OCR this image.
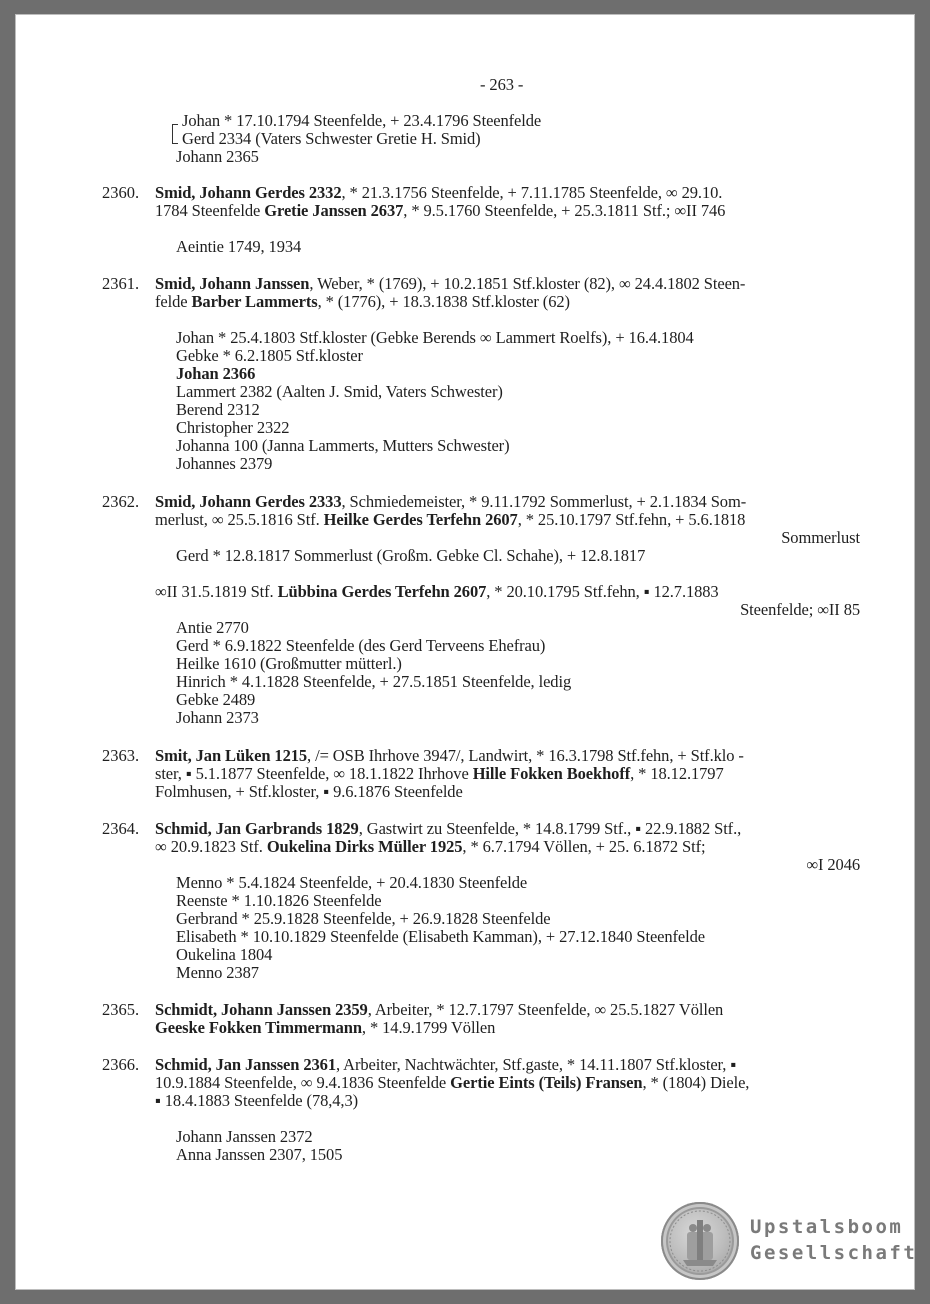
- 263 -
Johan * 17.10.1794 Steenfelde, + 23.4.1796 Steenfelde
Gerd 2334 (Vaters Schwester Gretie H. Smid)
Johann 2365
2360. Smid, Johann Gerdes 2332, * 21.3.1756 Steenfelde, + 7.11.1785 Steenfelde, ∞ 29.10.
1784 Steenfelde Gretie Janssen 2637, * 9.5.1760 Steenfelde, + 25.3.1811 Stf.; ∞II 746
Aeintie 1749, 1934
2361. Smid, Johann Janssen, Weber, * (1769), + 10.2.1851 Stf.kloster (82), ∞ 24.4.1802 Steen-
felde Barber Lammerts, * (1776), + 18.3.1838 Stf.kloster (62)
Johan * 25.4.1803 Stf.kloster (Gebke Berends ∞ Lammert Roelfs), + 16.4.1804
Gebke * 6.2.1805 Stf.kloster
Johan 2366
Lammert 2382 (Aalten J. Smid, Vaters Schwester)
Berend 2312
Christopher 2322
Johanna 100 (Janna Lammerts, Mutters Schwester)
Johannes 2379
2362. Smid, Johann Gerdes 2333, Schmiedemeister, * 9.11.1792 Sommerlust, + 2.1.1834 Som-
merlust, ∞ 25.5.1816 Stf. Heilke Gerdes Terfehn 2607, * 25.10.1797 Stf.fehn, + 5.6.1818
Sommerlust
Gerd * 12.8.1817 Sommerlust (Großm. Gebke Cl. Schahe), + 12.8.1817
∞II 31.5.1819 Stf. Lübbina Gerdes Terfehn 2607, * 20.10.1795 Stf.fehn, ▪ 12.7.1883
Steenfelde; ∞II 85
Antie 2770
Gerd * 6.9.1822 Steenfelde (des Gerd Terveens Ehefrau)
Heilke 1610 (Großmutter mütterl.)
Hinrich * 4.1.1828 Steenfelde, + 27.5.1851 Steenfelde, ledig
Gebke 2489
Johann 2373
2363. Smit, Jan Lüken 1215, /= OSB Ihrhove 3947/, Landwirt, * 16.3.1798 Stf.fehn, + Stf.klo -
ster, ▪ 5.1.1877 Steenfelde, ∞ 18.1.1822 Ihrhove Hille Fokken Boekhoff, * 18.12.1797
Folmhusen, + Stf.kloster, ▪ 9.6.1876 Steenfelde
2364. Schmid, Jan Garbrands 1829, Gastwirt zu Steenfelde, * 14.8.1799 Stf., ▪ 22.9.1882 Stf.,
∞ 20.9.1823 Stf. Oukelina Dirks Müller 1925, * 6.7.1794 Völlen, + 25. 6.1872 Stf;
∞I 2046
Menno * 5.4.1824 Steenfelde, + 20.4.1830 Steenfelde
Reenste * 1.10.1826 Steenfelde
Gerbrand * 25.9.1828 Steenfelde, + 26.9.1828 Steenfelde
Elisabeth * 10.10.1829 Steenfelde (Elisabeth Kamman), + 27.12.1840 Steenfelde
Oukelina 1804
Menno 2387
2365. Schmidt, Johann Janssen 2359, Arbeiter, * 12.7.1797 Steenfelde, ∞ 25.5.1827 Völlen
Geeske Fokken Timmermann, * 14.9.1799 Völlen
2366. Schmid, Jan Janssen 2361, Arbeiter, Nachtwächter, Stf.gaste, * 14.11.1807 Stf.kloster, ▪
10.9.1884 Steenfelde, ∞ 9.4.1836 Steenfelde Gertie Eints (Teils) Fransen, * (1804) Diele,
▪ 18.4.1883 Steenfelde (78,4,3)
Johann Janssen 2372
Anna Janssen 2307, 1505
Upstalsboom
Gesellschaft
